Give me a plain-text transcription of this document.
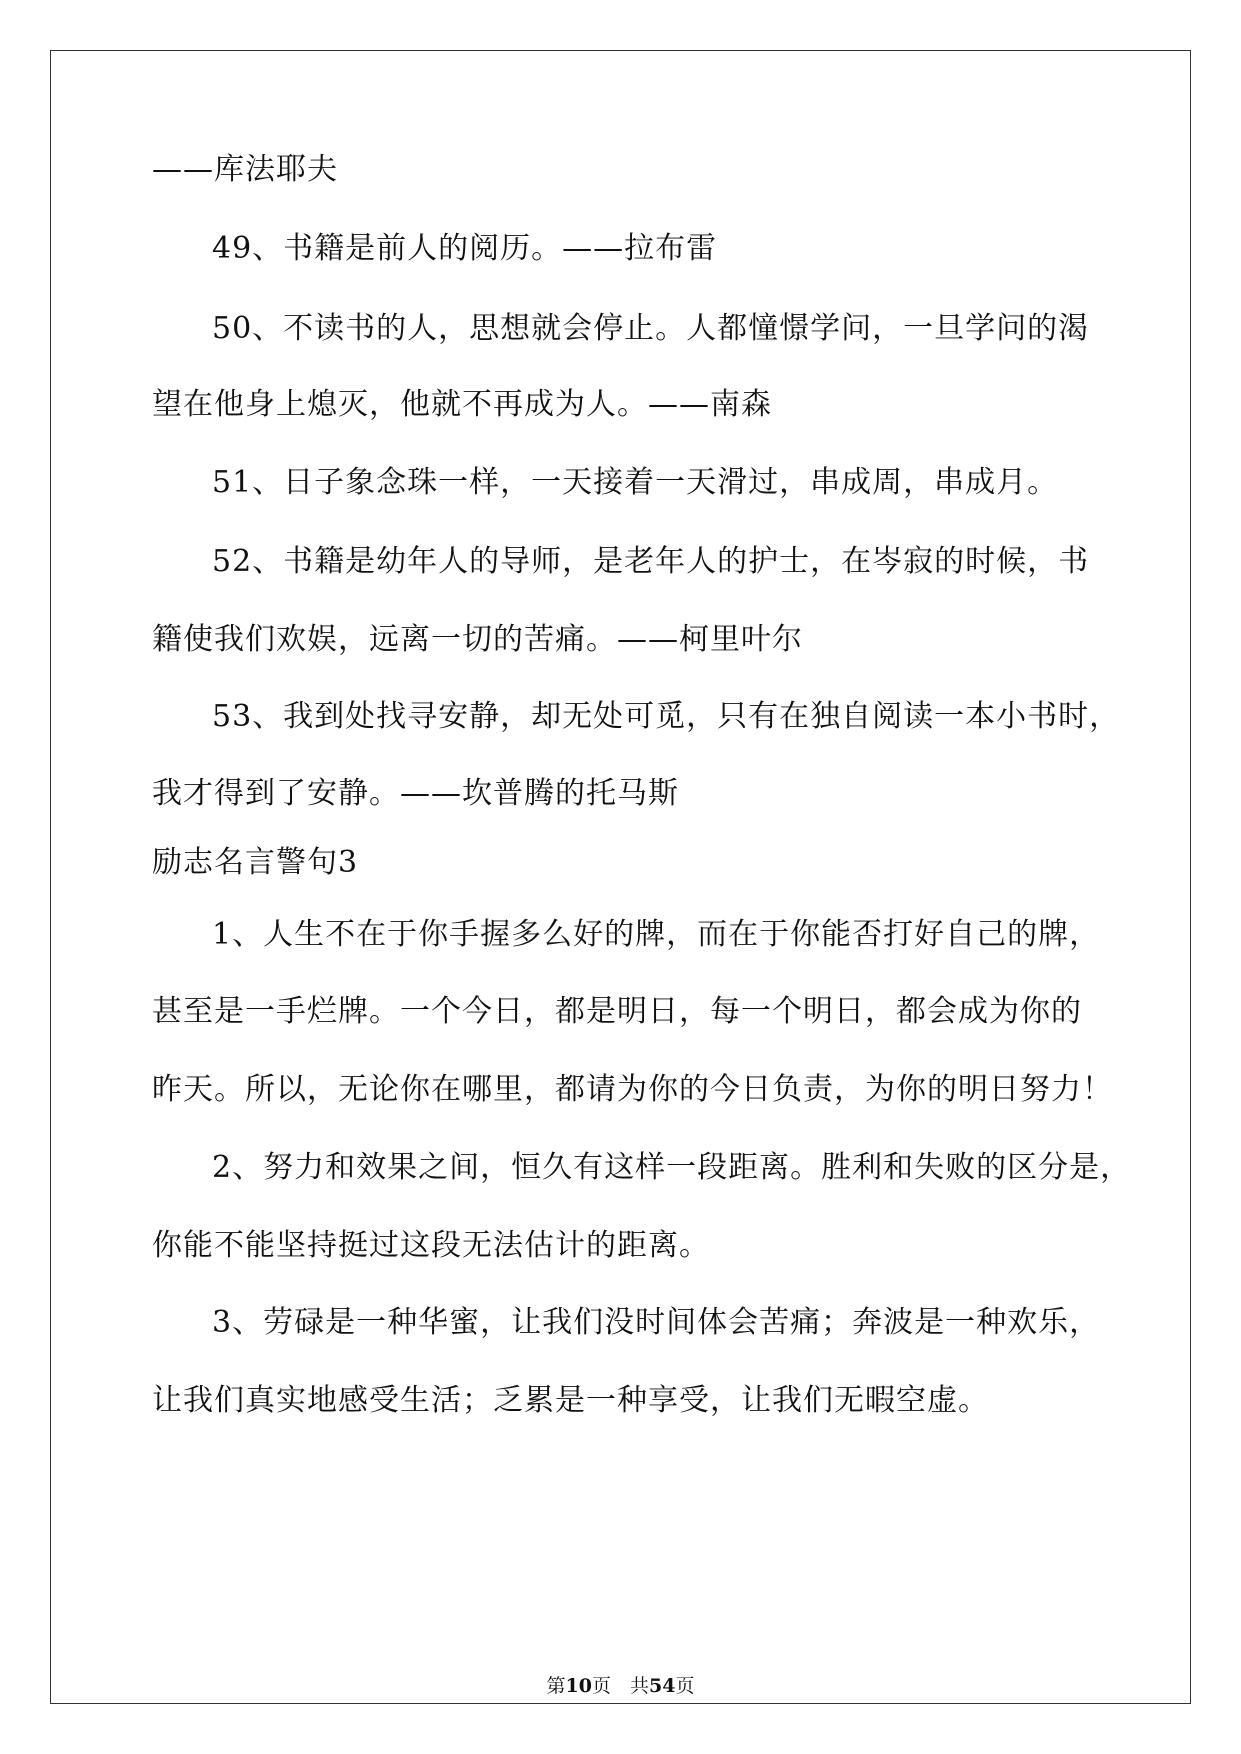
——库法耶夫
49、书籍是前人的阅历。——拉布雷
50、不读书的人，思想就会停止。人都憧憬学问，一旦学问的渴
望在他身上熄灭，他就不再成为人。——南森
51、日子象念珠一样，一天接着一天滑过，串成周，串成月。
52、书籍是幼年人的导师，是老年人的护士，在岑寂的时候，书
籍使我们欢娱，远离一切的苦痛。——柯里叶尔
53、我到处找寻安静，却无处可觅，只有在独自阅读一本小书时，
我才得到了安静。——坎普腾的托马斯
励志名言警句3
1、人生不在于你手握多么好的牌，而在于你能否打好自己的牌，
甚至是一手烂牌。一个今日，都是明日，每一个明日，都会成为你的
昨天。所以，无论你在哪里，都请为你的今日负责，为你的明日努力！
2、努力和效果之间，恒久有这样一段距离。胜利和失败的区分是，
你能不能坚持挺过这段无法估计的距离。
3、劳碌是一种华蜜，让我们没时间体会苦痛；奔波是一种欢乐，
让我们真实地感受生活；乏累是一种享受，让我们无暇空虚。
第10页　共54页
